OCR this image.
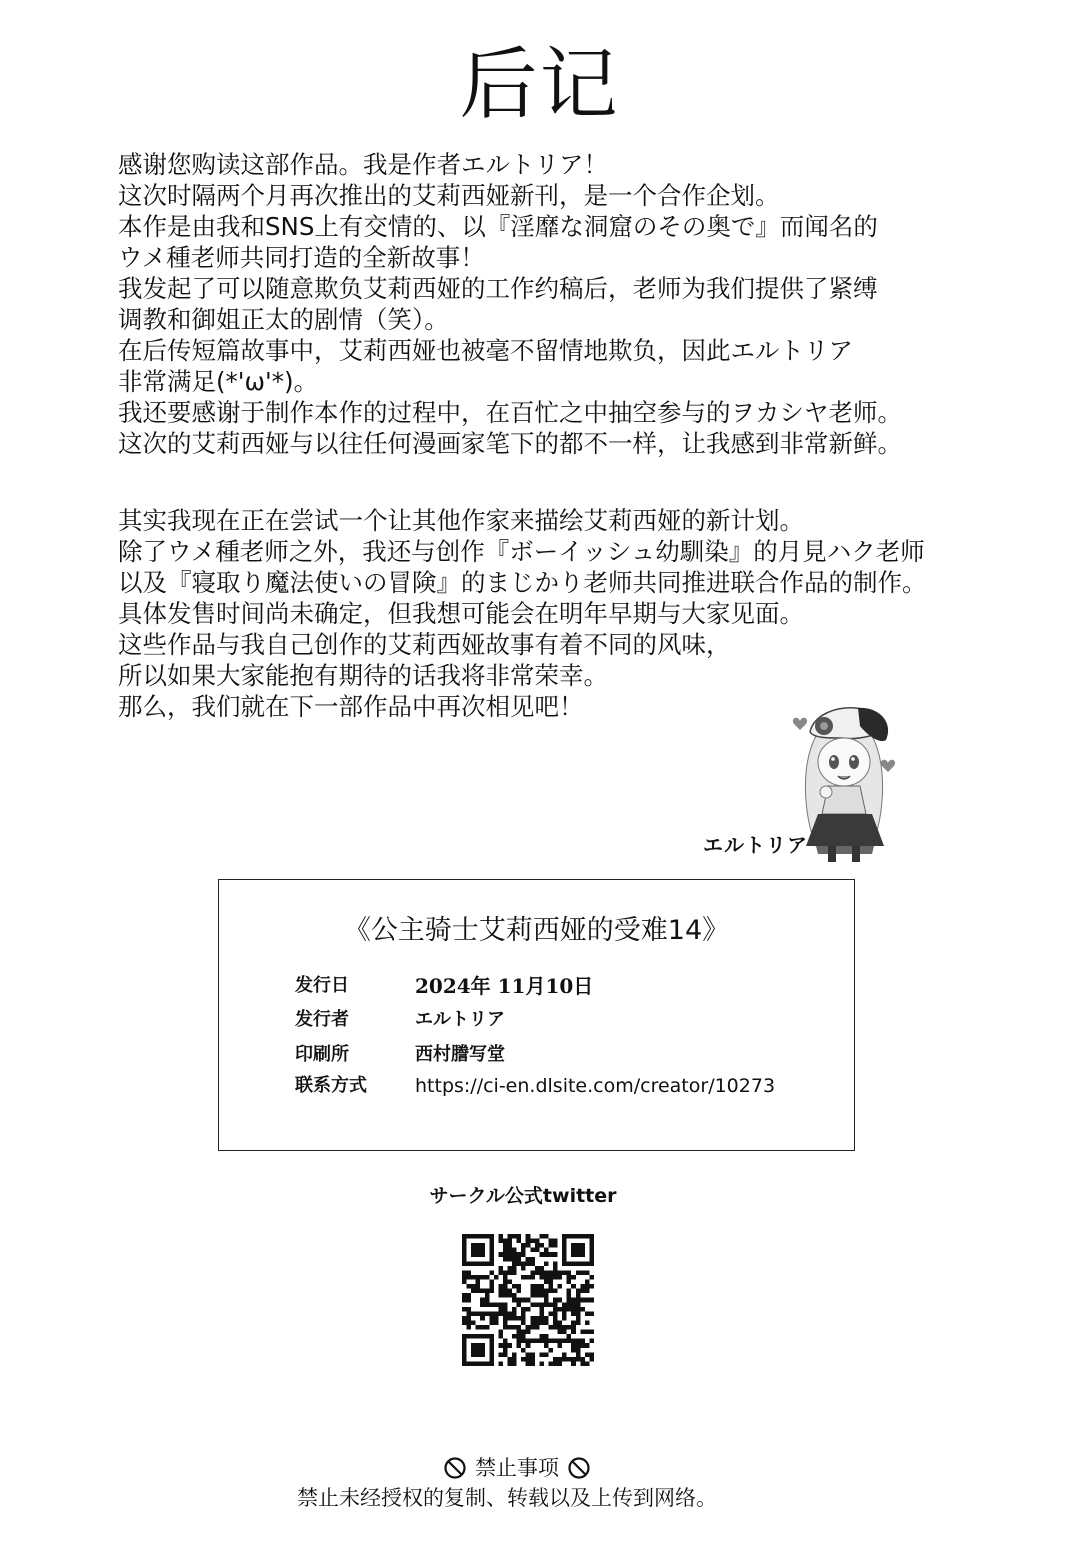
后记
感谢您购读这部作品。我是作者エルトリア！
这次时隔两个月再次推出的艾莉西娅新刊，是一个合作企划。
本作是由我和SNS上有交情的、以『淫靡な洞窟のその奥で』而闻名的
ウメ種老师共同打造的全新故事！
我发起了可以随意欺负艾莉西娅的工作约稿后，老师为我们提供了紧缚
调教和御姐正太的剧情（笑）。
在后传短篇故事中，艾莉西娅也被毫不留情地欺负，因此エルトリア
非常满足(*'ω'*)。
我还要感谢于制作本作的过程中，在百忙之中抽空参与的ヲカシヤ老师。
这次的艾莉西娅与以往任何漫画家笔下的都不一样，让我感到非常新鲜。
其实我现在正在尝试一个让其他作家来描绘艾莉西娅的新计划。
除了ウメ種老师之外，我还与创作『ボーイッシュ幼馴染』的月見ハク老师
以及『寝取り魔法使いの冒険』的まじかり老师共同推进联合作品的制作。
具体发售时间尚未确定，但我想可能会在明年早期与大家见面。
这些作品与我自己创作的艾莉西娅故事有着不同的风味，
所以如果大家能抱有期待的话我将非常荣幸。
那么，我们就在下一部作品中再次相见吧！
エルトリア
《公主骑士艾莉西娅的受难14》
发行日	2024年 11月10日
发行者	エルトリア
印刷所	西村謄写堂
联系方式	https://ci-en.dlsite.com/creator/10273
サークル公式twitter
禁止事项
禁止未经授权的复制、转载以及上传到网络。
